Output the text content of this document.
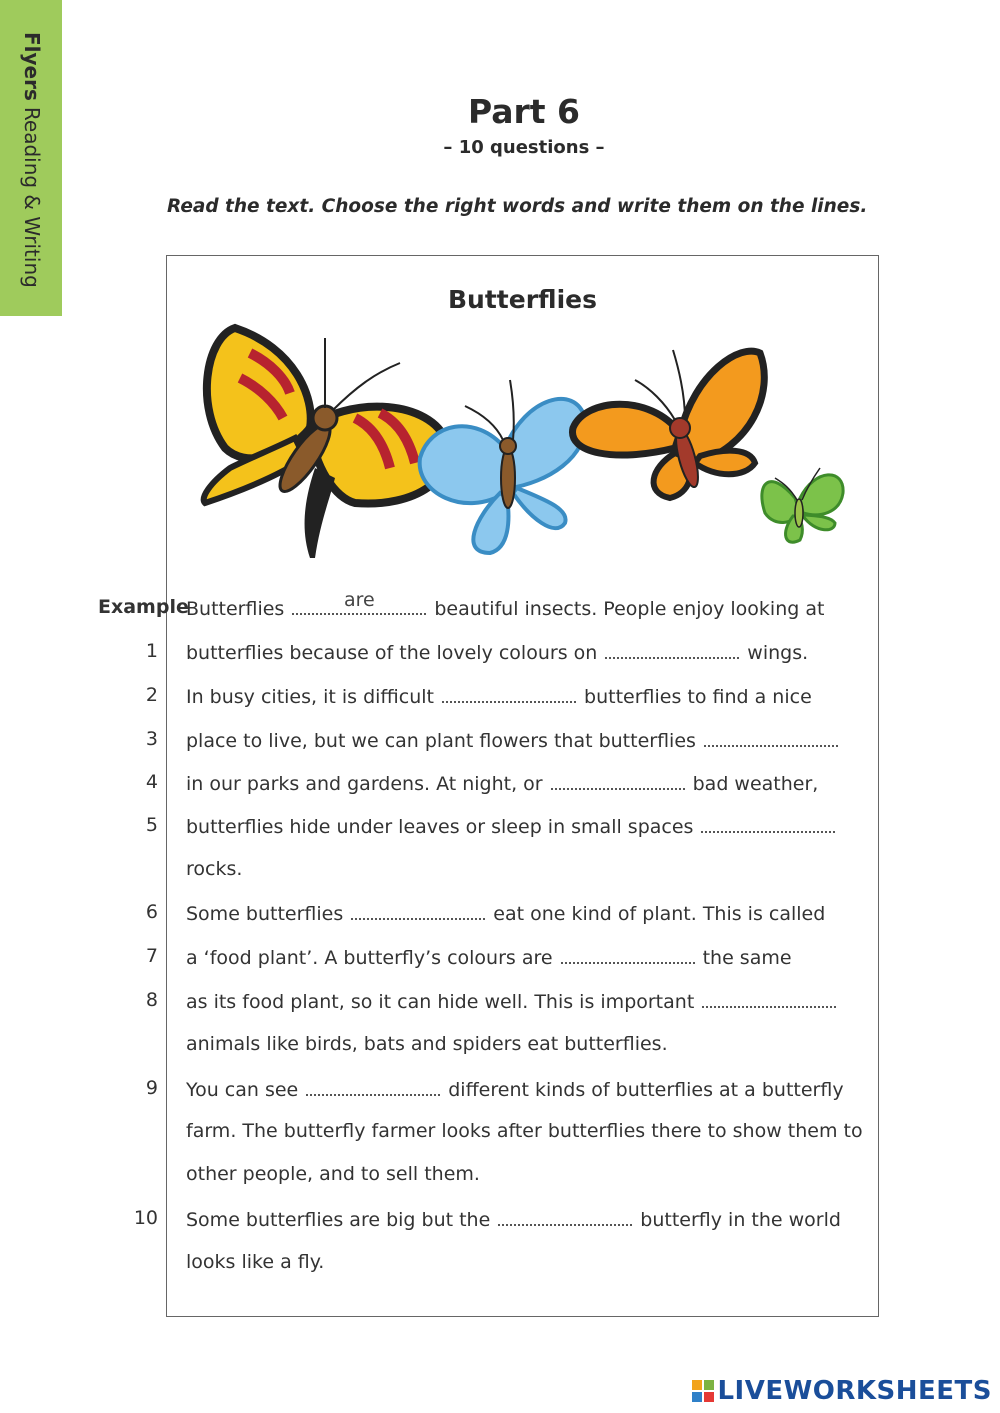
FlyersReading & Writing	Part 6
– 10 questions –
Read the text. Choose the right words and write them on the lines.
Butterflies
Example
Butterflies	are	beautiful insects. People enjoy looking at
1 butterflies because of the lovely colours on	wings.
2 In busy cities, it is difficult	butterflies to find a nice
3 place to live, but we can plant flowers that butterflies
4 in our parks and gardens. At night, or	bad weather,
5 butterflies hide under leaves or sleep in small spaces
rocks.
6 Some butterflies	eat one kind of plant. This is called
7 a ‘food plant’. A butterfly’s colours are	the same
8 as its food plant, so it can hide well. This is important
animals like birds, bats and spiders eat butterflies.
9 You can see	different kinds of butterflies at a butterfly
farm. The butterfly farmer looks after butterflies there to show them to
other people, and to sell them.
10 Some butterflies are big but the	butterfly in the world
looks like a fly.
LIVEWORKSHEETS
